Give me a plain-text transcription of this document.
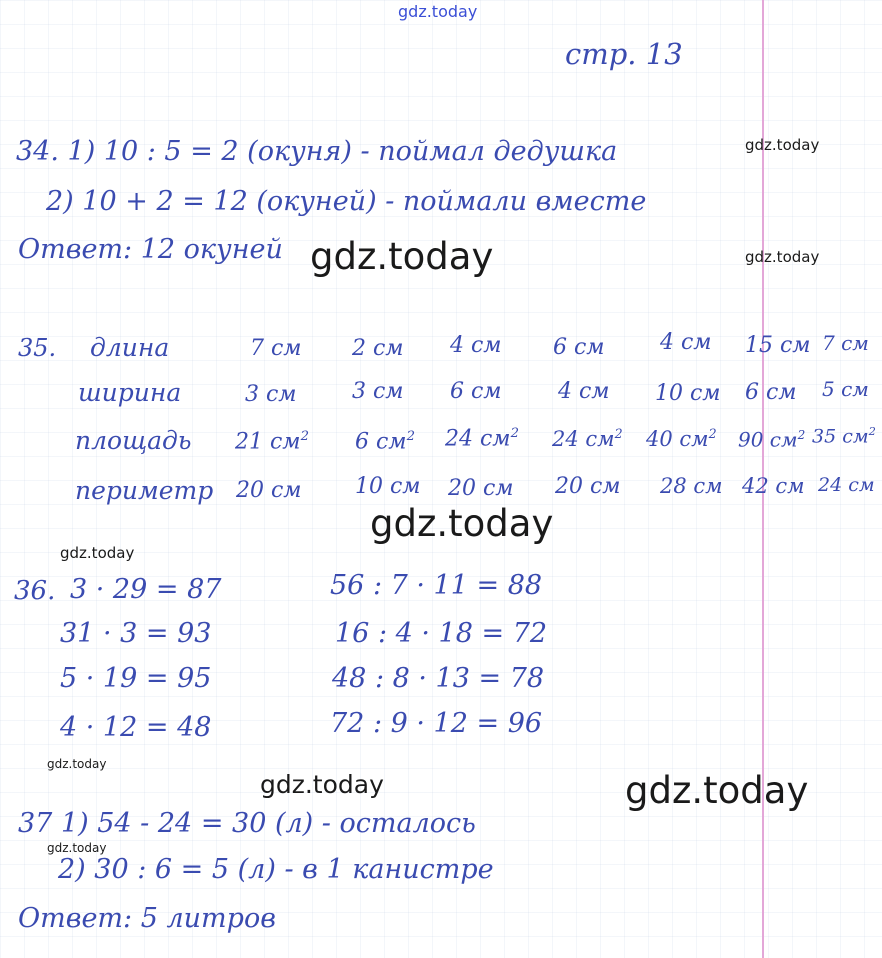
gdz.today
gdz.today
gdz.today	gdz.today
gdz.today
gdz.today
gdz.today
gdz.today	gdz.today
gdz.today
стр. 13
34. 1) 10 : 5 = 2 (окуня) - поймал дедушка
2) 10 + 2 = 12 (окуней) - поймали вместе
Ответ: 12 окуней
35. длина	7 см 2 см 4 см 6 см	4 см 15 см 7 см
ширина	3 см	3 см 6 см	4 см 10 см 6 см 5 см
площадь 21 $см^2$ 6 $см^2$ 24 $см^2$ 24 $см^2$ 40 $см^2$ 90 $см^2$ 35 $см^2$
периметр 20 см 10 см 20 см 20 см 28 см 42 см 24 см
36. 3 · 29 = 87
31 · 3 = 93
5 · 19 = 95
4 · 12 = 48
56 : 7 · 11 = 88
16 : 4 · 18 = 72
48 : 8 · 13 = 78
72 : 9 · 12 = 96
37 1) 54 - 24 = 30 (л) - осталось
2) 30 : 6 = 5 (л) - в 1 канистре
Ответ: 5 литров
